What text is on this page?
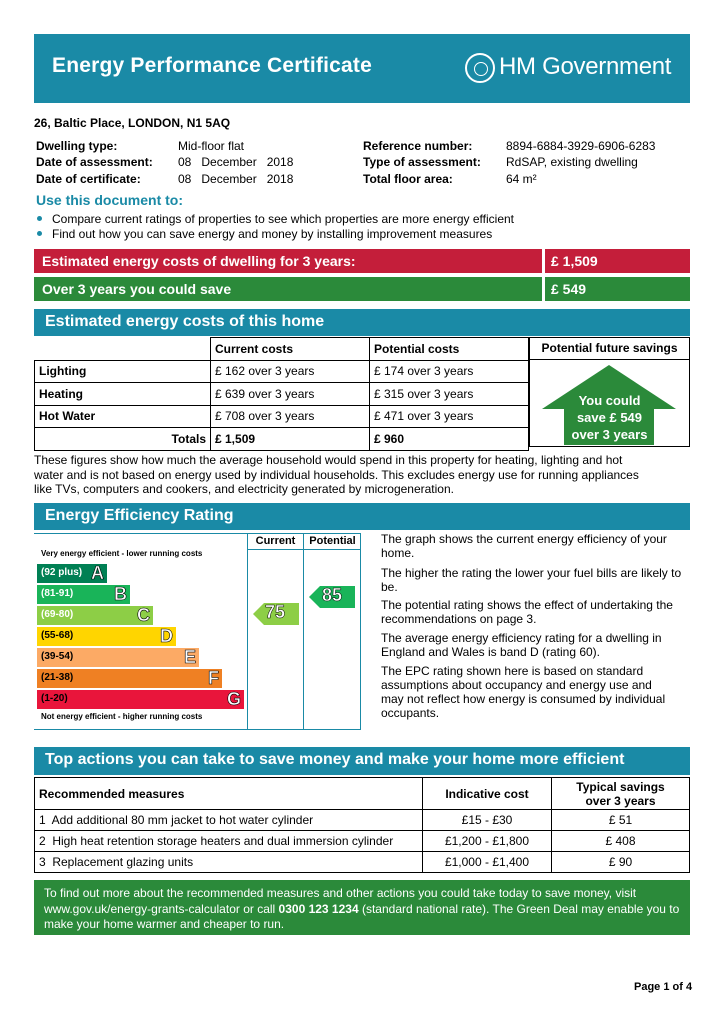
Energy Performance Certificate	HM Government
26, Baltic Place, LONDON, N1 5AQ
Dwelling type:	Mid-floor flat
Date of assessment: 08   December   2018
Date of certificate:	08   December   2018
Reference number:	8894-6884-3929-6906-6283
Type of assessment: RdSAP, existing dwelling
Total floor area:	64 m²
Use this document to:
Compare current ratings of properties to see which properties are more energy efficient
Find out how you can save energy and money by installing improvement measures
Estimated energy costs of dwelling for 3 years:	£ 1,509
Over 3 years you could save	£ 549
Estimated energy costs of this home
	Current costs	Potential costs
Lighting	£ 162 over 3 years	£ 174 over 3 years
Heating	£ 639 over 3 years	£ 315 over 3 years
Hot Water	£ 708 over 3 years	£ 471 over 3 years
Totals	£ 1,509	£ 960
Potential future savings
You could
save £ 549
over 3 years
These figures show how much the average household would spend in this property for heating, lighting and hot
water and is not based on energy used by individual households. This excludes energy use for running appliances
like TVs, computers and cookers, and electricity generated by microgeneration.
Energy Efficiency Rating
Current	Potential
Very energy efficient - lower running costs
(92 plus) A
(81-91) B
(69-80)	C
(55-68)	D
(39-54)	E
(21-38)	F
(1-20)	G
Not energy efficient - higher running costs
75
85
The graph shows the current energy efficiency of your
home.
The higher the rating the lower your fuel bills are likely to
be.
The potential rating shows the effect of undertaking the
recommendations on page 3.
The average energy efficiency rating for a dwelling in
England and Wales is band D (rating 60).
The EPC rating shown here is based on standard
assumptions about occupancy and energy use and
may not reflect how energy is consumed by individual
occupants.
Top actions you can take to save money and make your home more efficient
Recommended measures	Indicative cost	Typical savings
over 3 years

1  Add additional 80 mm jacket to hot water cylinder	£15 - £30	£ 51
2  High heat retention storage heaters and dual immersion cylinder	£1,200 - £1,800	£ 408
3  Replacement glazing units	£1,000 - £1,400	£ 90
To find out more about the recommended measures and other actions you could take today to save money, visit
www.gov.uk/energy-grants-calculator or call 0300 123 1234 (standard national rate). The Green Deal may enable you to
make your home warmer and cheaper to run.
Page 1 of 4
